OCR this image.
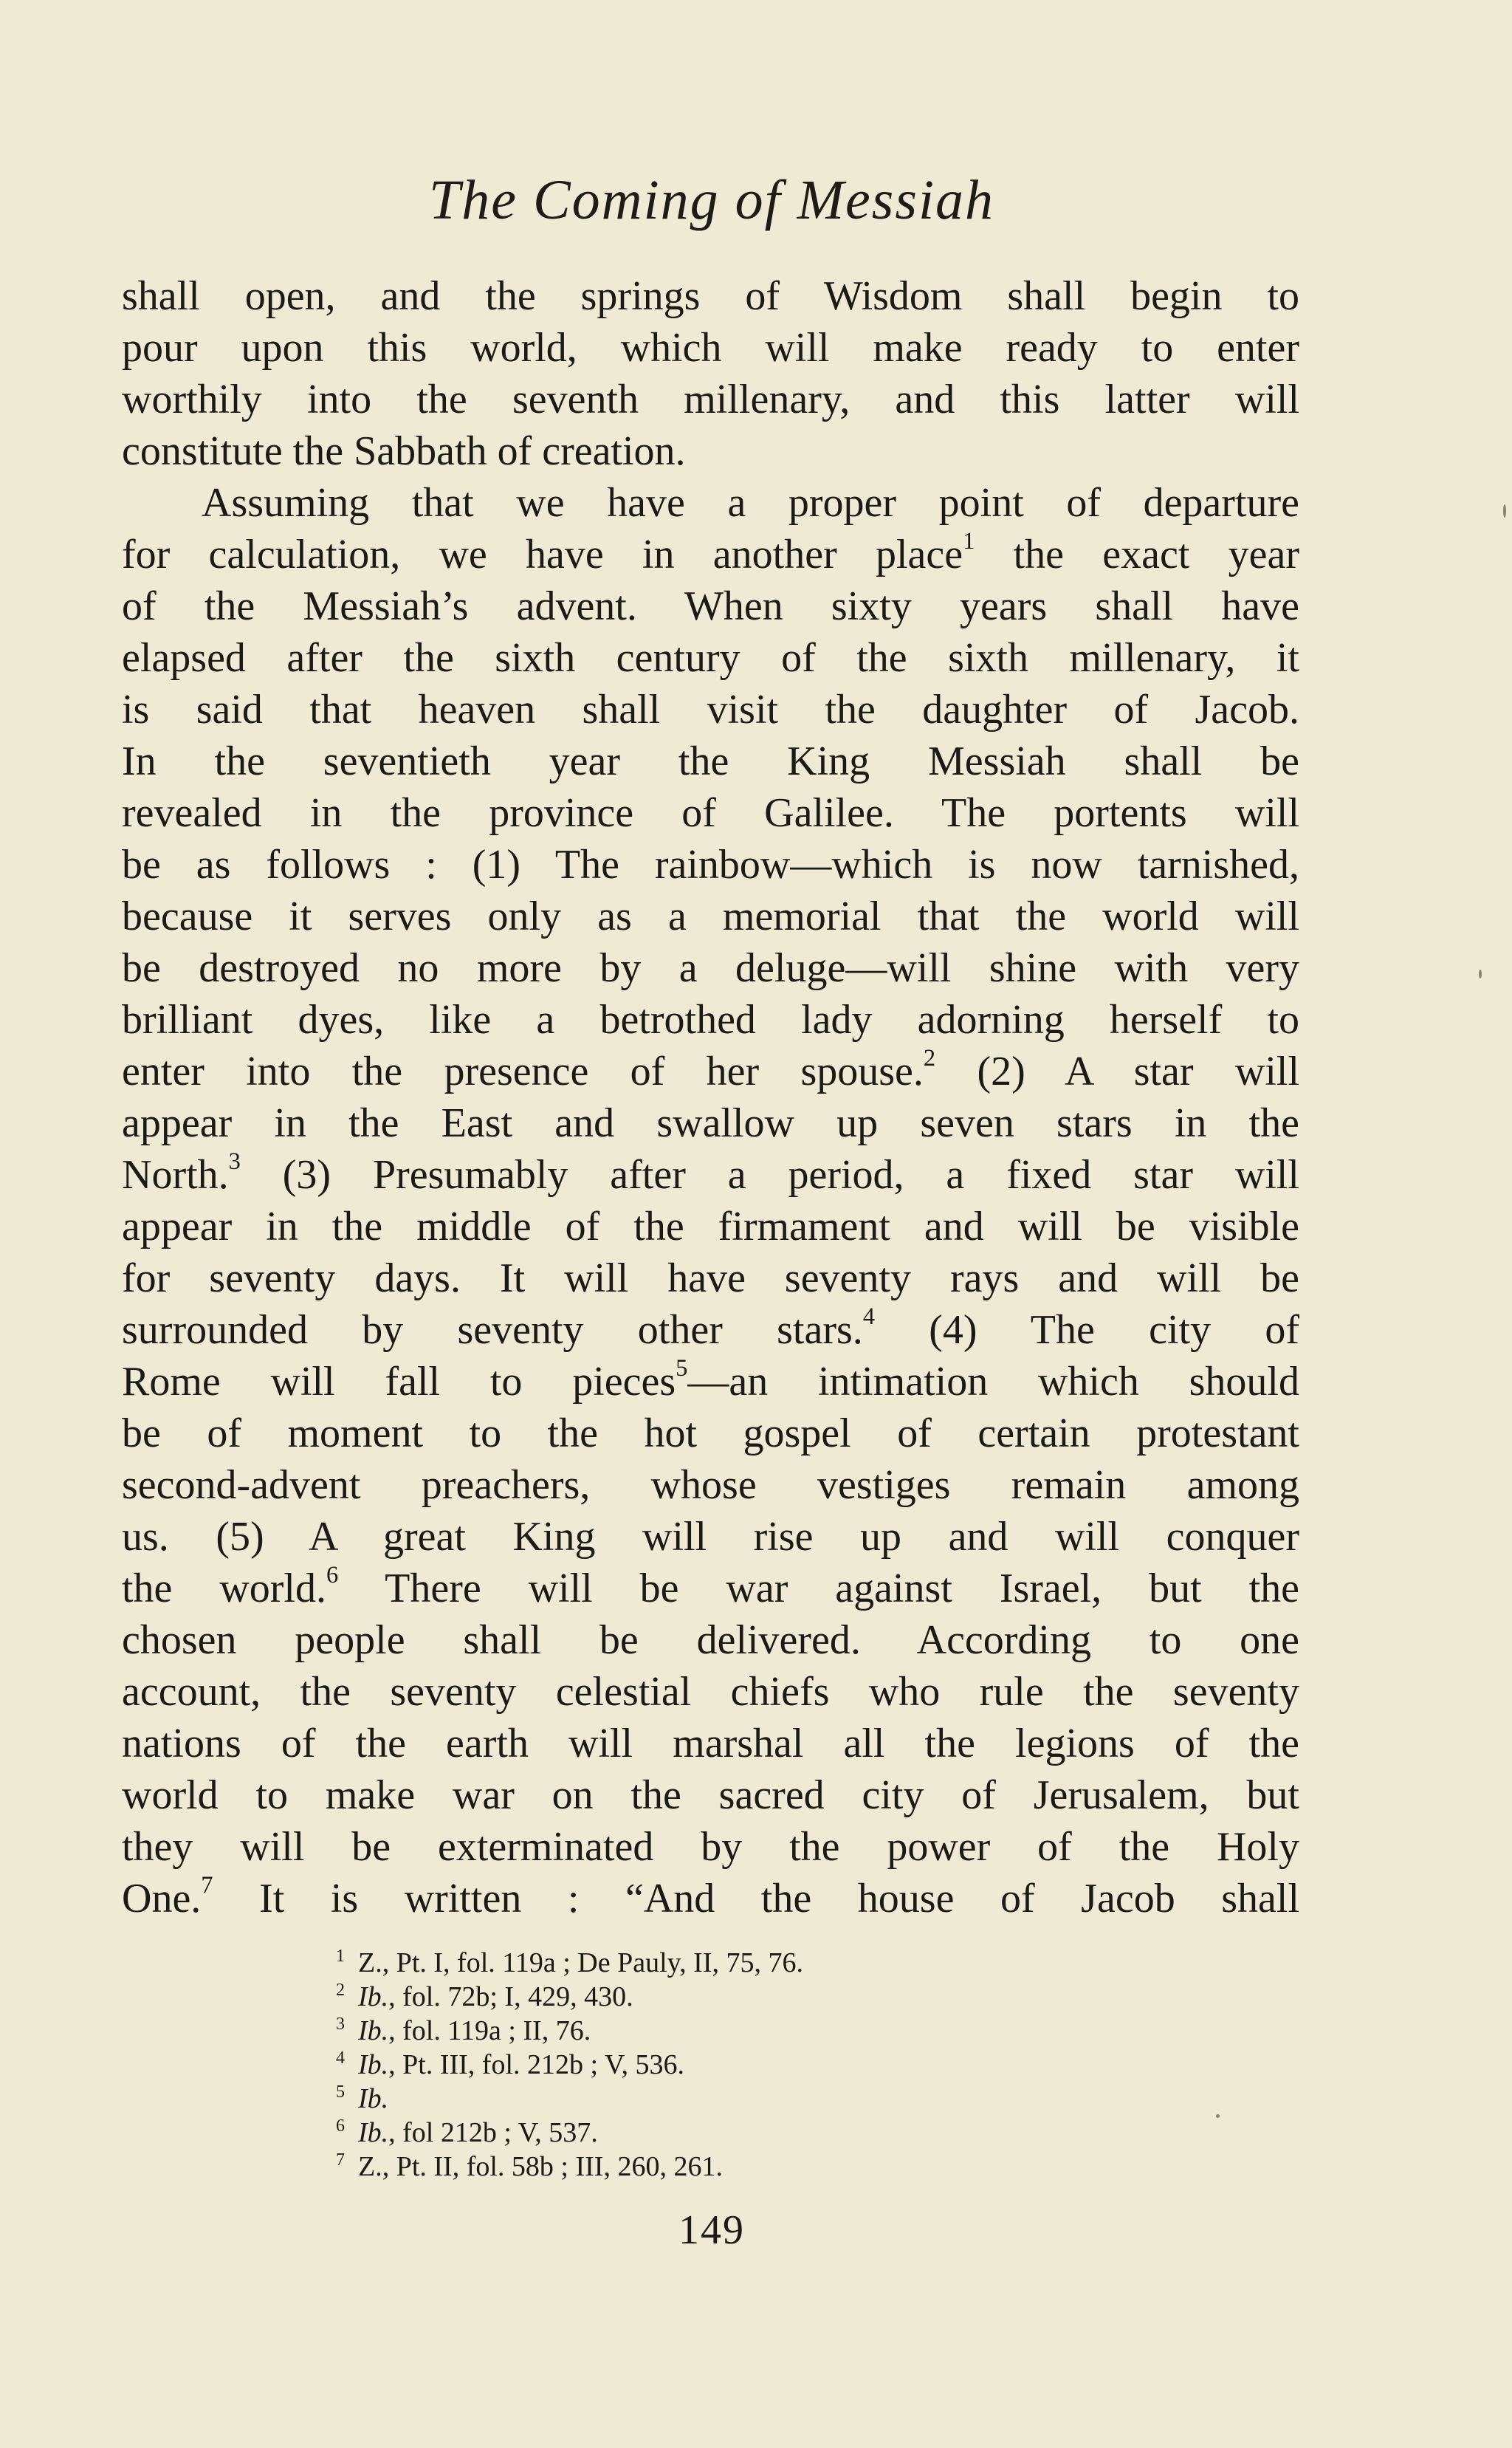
The Coming of Messiah
shall open, and the springs of Wisdom shall begin to
pour upon this world, which will make ready to enter
worthily into the seventh millenary, and this latter will
constitute the Sabbath of creation.
Assuming that we have a proper point of departure
for calculation, we have in another place$^1$ the exact year
of the Messiah’s advent. When sixty years shall have
elapsed after the sixth century of the sixth millenary, it
is said that heaven shall visit the daughter of Jacob.
In the seventieth year the King Messiah shall be
revealed in the province of Galilee. The portents will
be as follows : (1) The rainbow—which is now tarnished,
because it serves only as a memorial that the world will
be destroyed no more by a deluge—will shine with very
brilliant dyes, like a betrothed lady adorning herself to
enter into the presence of her spouse.$^2$ (2) A star will
appear in the East and swallow up seven stars in the
North.$^3$ (3) Presumably after a period, a fixed star will
appear in the middle of the firmament and will be visible
for seventy days. It will have seventy rays and will be
surrounded by seventy other stars.$^4$ (4) The city of
Rome will fall to pieces$^5$—an intimation which should
be of moment to the hot gospel of certain protestant
second-advent preachers, whose vestiges remain among
us. (5) A great King will rise up and will conquer
the world.$^6$ There will be war against Israel, but the
chosen people shall be delivered. According to one
account, the seventy celestial chiefs who rule the seventy
nations of the earth will marshal all the legions of the
world to make war on the sacred city of Jerusalem, but
they will be exterminated by the power of the Holy
One.$^7$ It is written : “And the house of Jacob shall
1 Z., Pt. I, fol. 119a ; De Pauly, II, 75, 76.
2 Ib., fol. 72b; I, 429, 430.
3 Ib., fol. 119a ; II, 76.
4 Ib., Pt. III, fol. 212b ; V, 536.
5 Ib.
6 Ib., fol 212b ; V, 537.
7 Z., Pt. II, fol. 58b ; III, 260, 261.
149
